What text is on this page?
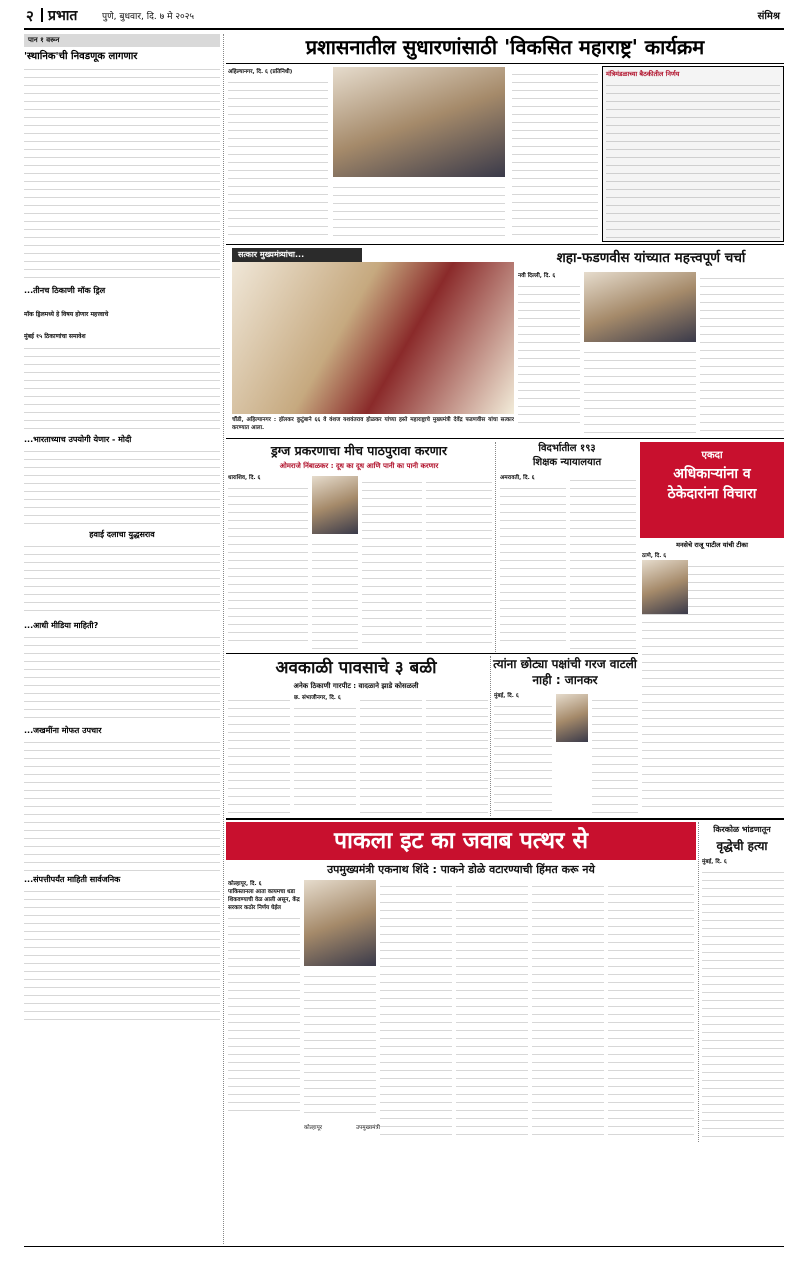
२ प्रभात	पुणे, बुधवार, दि. ७ मे २०२५	संमिश्र
पान १ वरून
'स्थानिक'ची निवडणूक लागणार
...तीनच ठिकाणी मॉक ड्रिल
मॉक ड्रिलमध्ये हे विषय होणार महत्त्वाचे
मुंबई १५ ठिकाणांचा समावेश
...भारताच्याच उपयोगी येणार - मोदी
हवाई दलाचा युद्धसराव
...आधी मीडिया माहिती?
...जखमींना मोफत उपचार
...संपत्तीपर्यंत माहिती सार्वजनिक
प्रशासनातील सुधारणांसाठी 'विकसित महाराष्ट्र' कार्यक्रम
अहिल्यानगर, दि. ६ (प्रतिनिधी)	मंत्रिमंडळाच्या बैठकीतील निर्णय
सत्कार मुख्यमंत्र्यांचा...
चौंडी, अहिल्यानगर : हॉलकर कुटुंबाने ६६ वे वंशज यशवंतराव होळकर यांच्या हस्ते महाराष्ट्राचे मुख्यमंत्री देवेंद्र फडणवीस यांचा सत्कार करण्यात आला.
शहा-फडणवीस यांच्यात महत्त्वपूर्ण चर्चा
नवी दिल्ली, दि. ६
ड्रग्ज प्रकरणाचा मीच पाठपुरावा करणार
ओमराजे निंबाळकर : दूध का दूध आणि पानी का पानी करणार
धाराशिव, दि. ६
विदर्भातील १९३
शिक्षक न्यायालयात
अमरावती, दि. ६
एकदा
अधिकाऱ्यांना व
ठेकेदारांना विचारा
मनसेचे राजू पाटील यांची टीका
ठाणे, दि. ६
अवकाळी पावसाचे ३ बळी
अनेक ठिकाणी गारपीट : वादळाने झाडे कोसळली
छ. संभाजीनगर, दि. ६
त्यांना छोट्या पक्षांची गरज वाटली नाही : जानकर
मुंबई, दि. ६
पाकला इट का जवाब पत्थर से
उपमुख्यमंत्री एकनाथ शिंदे : पाकने डोळे वटारण्याची हिंमत करू नये
कोल्हापूर, दि. ६
पाकिस्तानला आता कायमचा धडा शिकवण्याची वेळ आली असून, केंद्र सरकार कठोर निर्णय घेईल
कोल्हापूर	उपमुख्यमंत्री
किरकोळ भांडणातून
वृद्धेची हत्या
मुंबई, दि. ६
